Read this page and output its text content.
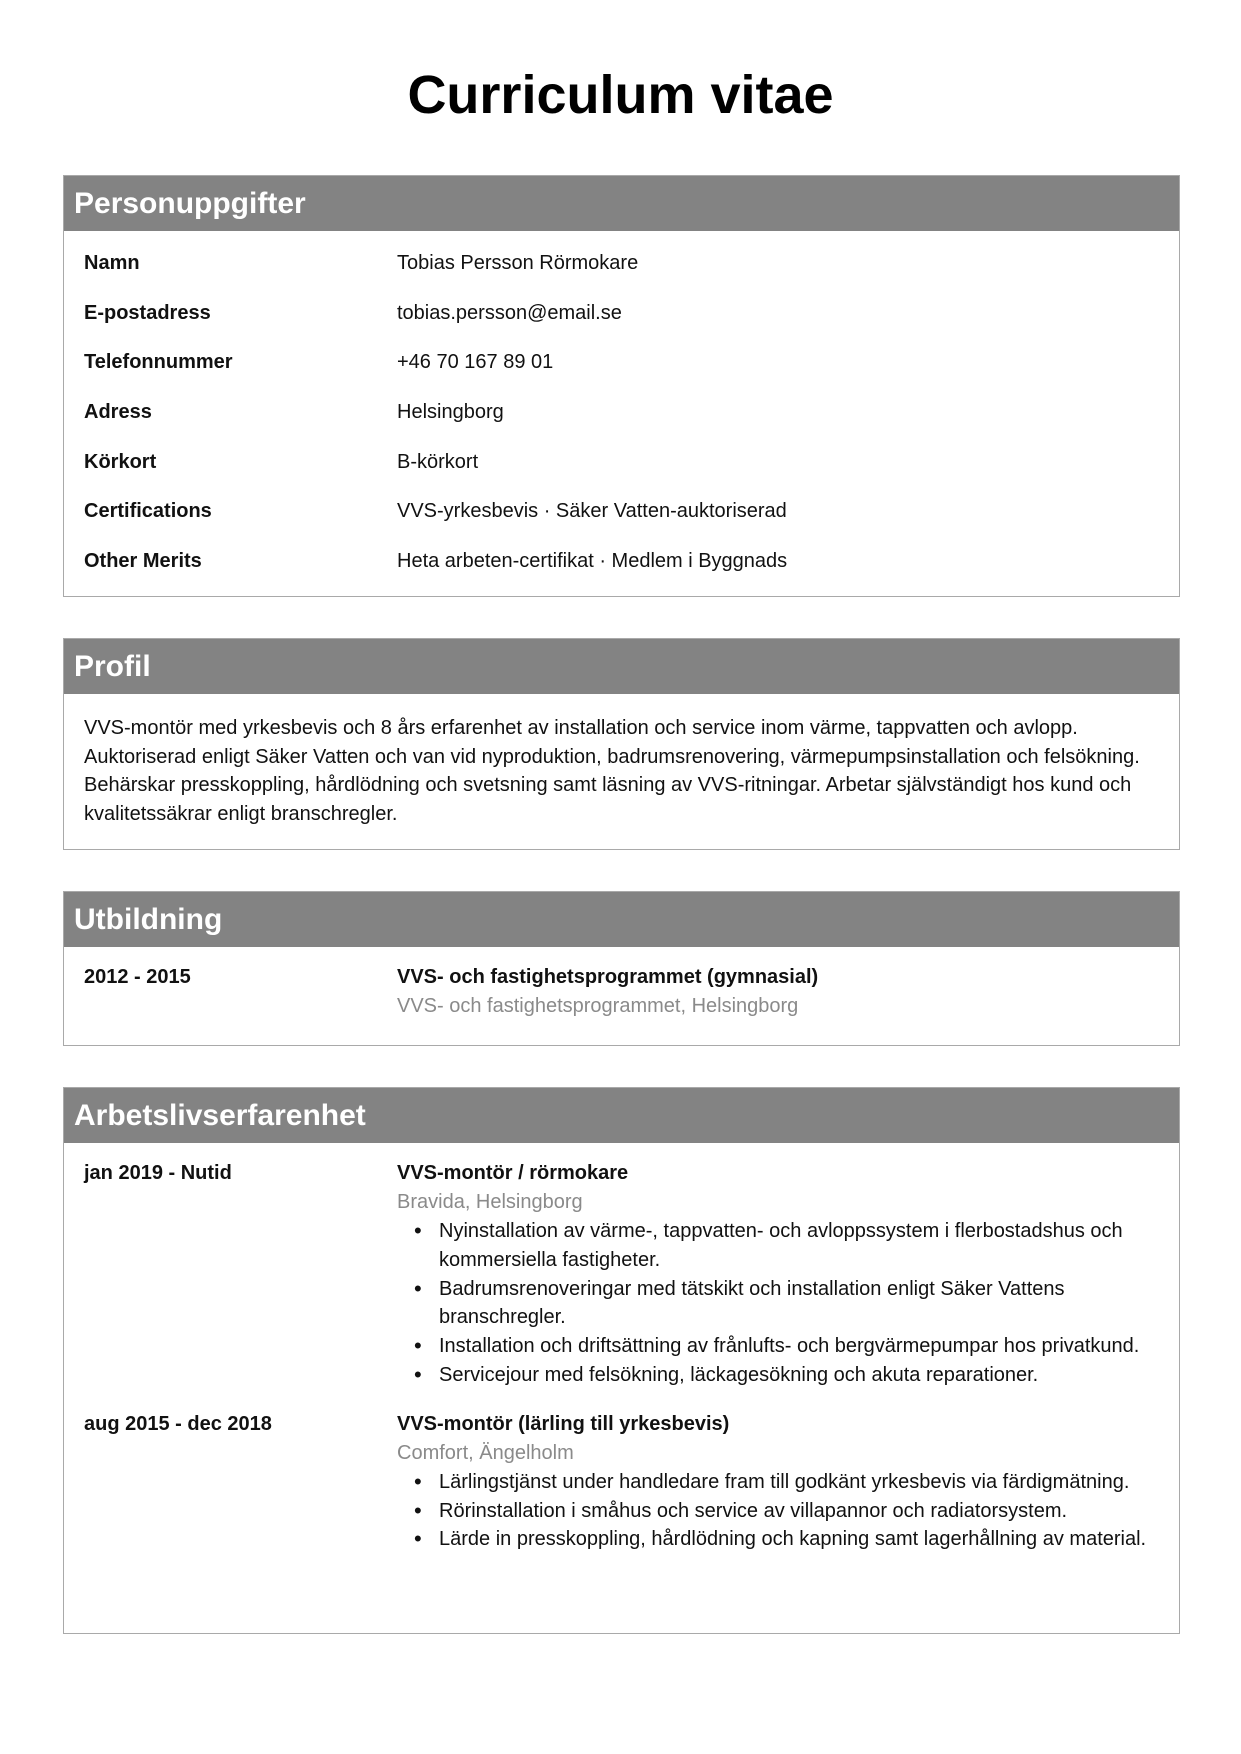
Curriculum vitae
Personuppgifter
Namn	Tobias Persson Rörmokare
E-postadress	tobias.persson@email.se
Telefonnummer	+46 70 167 89 01
Adress	Helsingborg
Körkort	B-körkort
Certifications	VVS-yrkesbevis · Säker Vatten-auktoriserad
Other Merits	Heta arbeten-certifikat · Medlem i Byggnads
Profil
VVS-montör med yrkesbevis och 8 års erfarenhet av installation och service inom värme, tappvatten och avlopp. Auktoriserad enligt Säker Vatten och van vid nyproduktion, badrumsrenovering, värmepumpsinstallation och felsökning. Behärskar presskoppling, hårdlödning och svetsning samt läsning av VVS-ritningar. Arbetar självständigt hos kund och kvalitetssäkrar enligt branschregler.
Utbildning
2012 - 2015	VVS- och fastighetsprogrammet (gymnasial)
VVS- och fastighetsprogrammet, Helsingborg
Arbetslivserfarenhet
jan 2019 - Nutid	VVS-montör / rörmokare
Bravida, Helsingborg
• Nyinstallation av värme-, tappvatten- och avloppssystem i flerbostadshus och kommersiella fastigheter.
• Badrumsrenoveringar med tätskikt och installation enligt Säker Vattens branschregler.
• Installation och driftsättning av frånlufts- och bergvärmepumpar hos privatkund.
• Servicejour med felsökning, läckagesökning och akuta reparationer.
aug 2015 - dec 2018	VVS-montör (lärling till yrkesbevis)
Comfort, Ängelholm
• Lärlingstjänst under handledare fram till godkänt yrkesbevis via färdigmätning.
• Rörinstallation i småhus och service av villapannor och radiatorsystem.
• Lärde in presskoppling, hårdlödning och kapning samt lagerhållning av material.
